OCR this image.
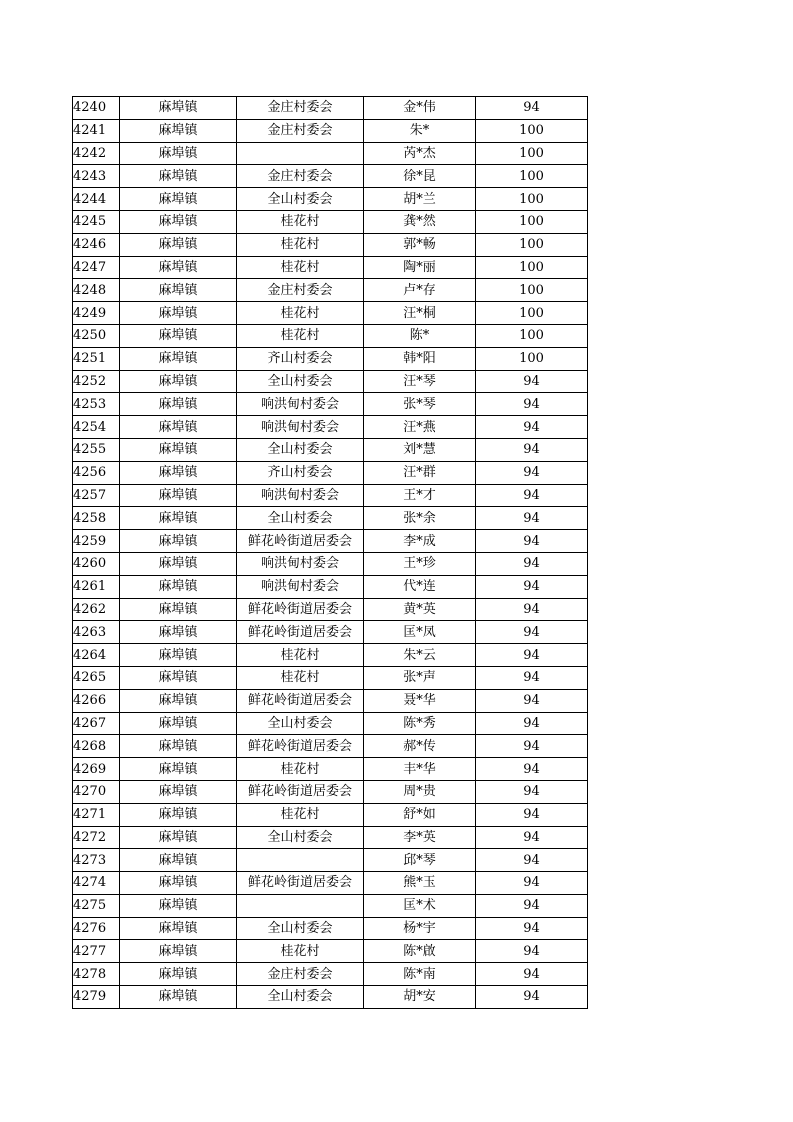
4240	麻埠镇	金庄村委会	金*伟	94
4241	麻埠镇	金庄村委会	朱*	100
4242	麻埠镇		芮*杰	100
4243	麻埠镇	金庄村委会	徐*昆	100
4244	麻埠镇	全山村委会	胡*兰	100
4245	麻埠镇	桂花村	龚*然	100
4246	麻埠镇	桂花村	郭*畅	100
4247	麻埠镇	桂花村	陶*丽	100
4248	麻埠镇	金庄村委会	卢*存	100
4249	麻埠镇	桂花村	汪*桐	100
4250	麻埠镇	桂花村	陈*	100
4251	麻埠镇	齐山村委会	韩*阳	100
4252	麻埠镇	全山村委会	汪*琴	94
4253	麻埠镇	响洪甸村委会	张*琴	94
4254	麻埠镇	响洪甸村委会	汪*燕	94
4255	麻埠镇	全山村委会	刘*慧	94
4256	麻埠镇	齐山村委会	汪*群	94
4257	麻埠镇	响洪甸村委会	王*才	94
4258	麻埠镇	全山村委会	张*余	94
4259	麻埠镇	鲜花岭街道居委会	李*成	94
4260	麻埠镇	响洪甸村委会	王*珍	94
4261	麻埠镇	响洪甸村委会	代*连	94
4262	麻埠镇	鲜花岭街道居委会	黄*英	94
4263	麻埠镇	鲜花岭街道居委会	匡*凤	94
4264	麻埠镇	桂花村	朱*云	94
4265	麻埠镇	桂花村	张*声	94
4266	麻埠镇	鲜花岭街道居委会	聂*华	94
4267	麻埠镇	全山村委会	陈*秀	94
4268	麻埠镇	鲜花岭街道居委会	郝*传	94
4269	麻埠镇	桂花村	丰*华	94
4270	麻埠镇	鲜花岭街道居委会	周*贵	94
4271	麻埠镇	桂花村	舒*如	94
4272	麻埠镇	全山村委会	李*英	94
4273	麻埠镇		邱*琴	94
4274	麻埠镇	鲜花岭街道居委会	熊*玉	94
4275	麻埠镇		匡*术	94
4276	麻埠镇	全山村委会	杨*宇	94
4277	麻埠镇	桂花村	陈*啟	94
4278	麻埠镇	金庄村委会	陈*南	94
4279	麻埠镇	全山村委会	胡*安	94
